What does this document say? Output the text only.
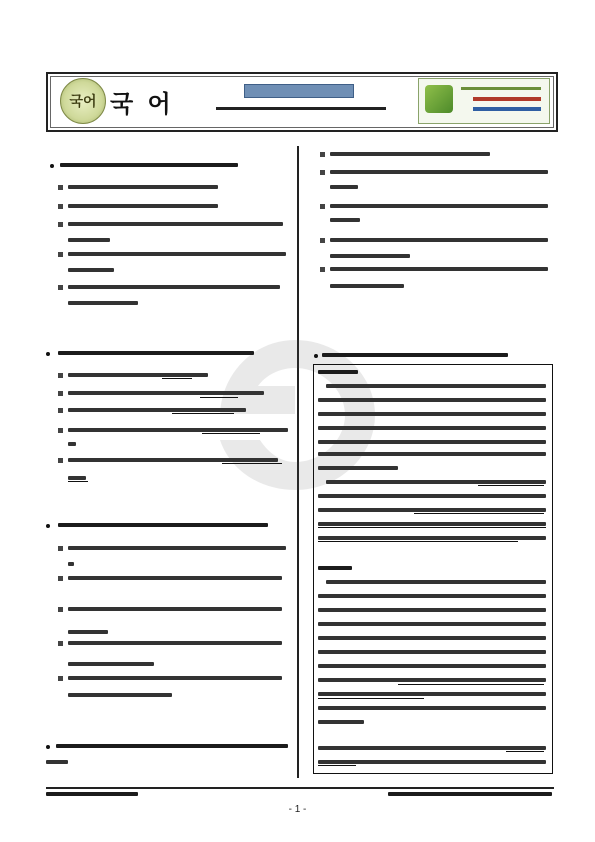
국어 국 어
- 1 -
